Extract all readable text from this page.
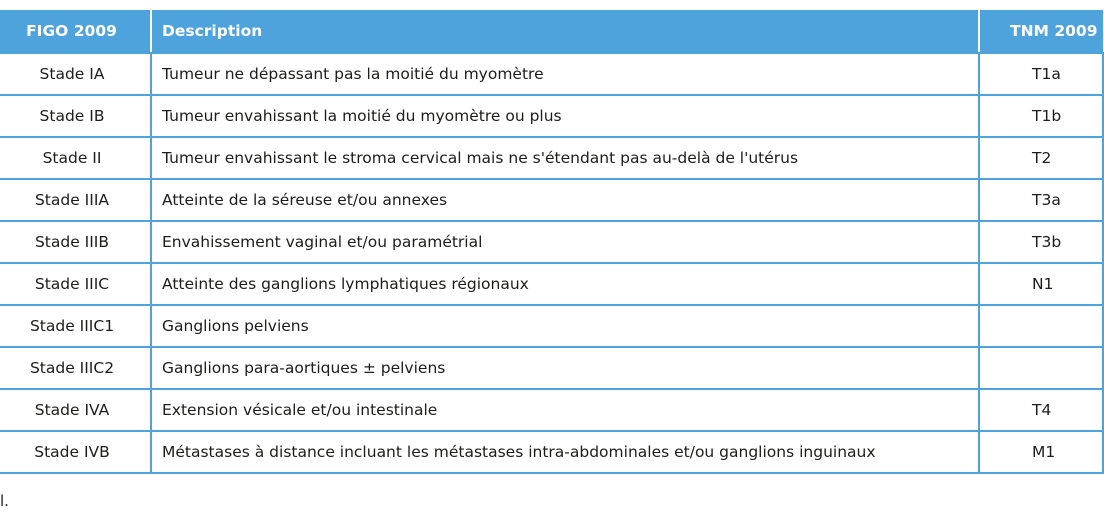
FIGO 2009	Description	TNM 2009
Stade IA	Tumeur ne dépassant pas la moitié du myomètre	T1a
Stade IB	Tumeur envahissant la moitié du myomètre ou plus	T1b
Stade II	Tumeur envahissant le stroma cervical mais ne s'étendant pas au-delà de l'utérus	T2
Stade IIIA	Atteinte de la séreuse et/ou annexes	T3a
Stade IIIB	Envahissement vaginal et/ou paramétrial	T3b
Stade IIIC	Atteinte des ganglions lymphatiques régionaux	N1
Stade IIIC1	Ganglions pelviens	
Stade IIIC2	Ganglions para-aortiques ± pelviens	
Stade IVA	Extension vésicale et/ou intestinale	T4
Stade IVB	Métastases à distance incluant les métastases intra-abdominales et/ou ganglions inguinaux	M1
l.
